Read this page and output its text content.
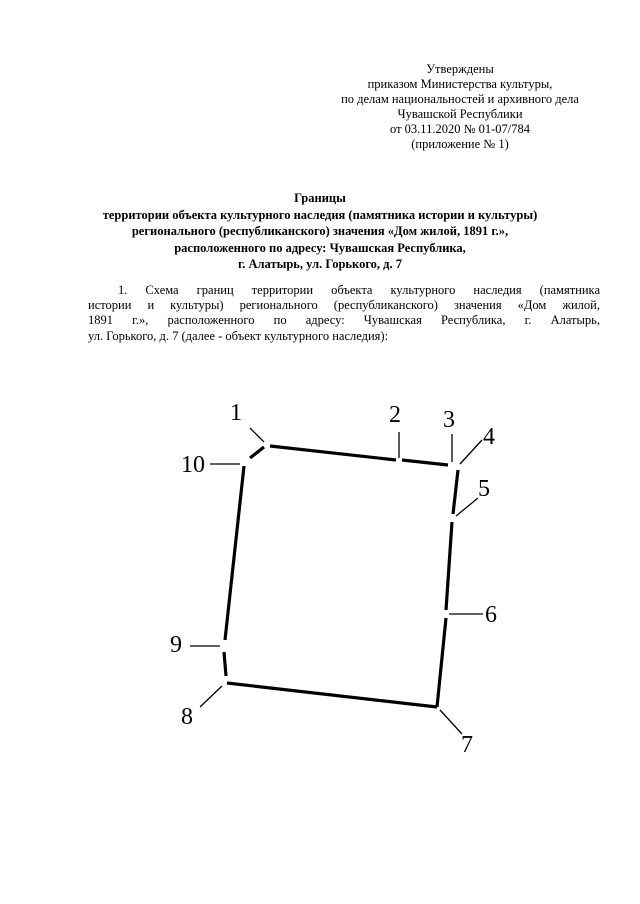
Утверждены
приказом Министерства культуры,
по делам национальностей и архивного дела
Чувашской Республики
от 03.11.2020 № 01-07/784
(приложение № 1)
Границы
территории объекта культурного наследия (памятника истории и культуры)
регионального (республиканского) значения «Дом жилой, 1891 г.»,
расположенного по адресу: Чувашская Республика,
г. Алатырь, ул. Горького, д. 7
1. Схема границ территории объекта культурного наследия (памятника
истории и культуры) регионального (республиканского) значения «Дом жилой,
1891 г.», расположенного по адресу: Чувашская Республика, г. Алатырь,
ул. Горького, д. 7 (далее - объект культурного наследия):
1	2 3
4
5
6
7
8
9
10
